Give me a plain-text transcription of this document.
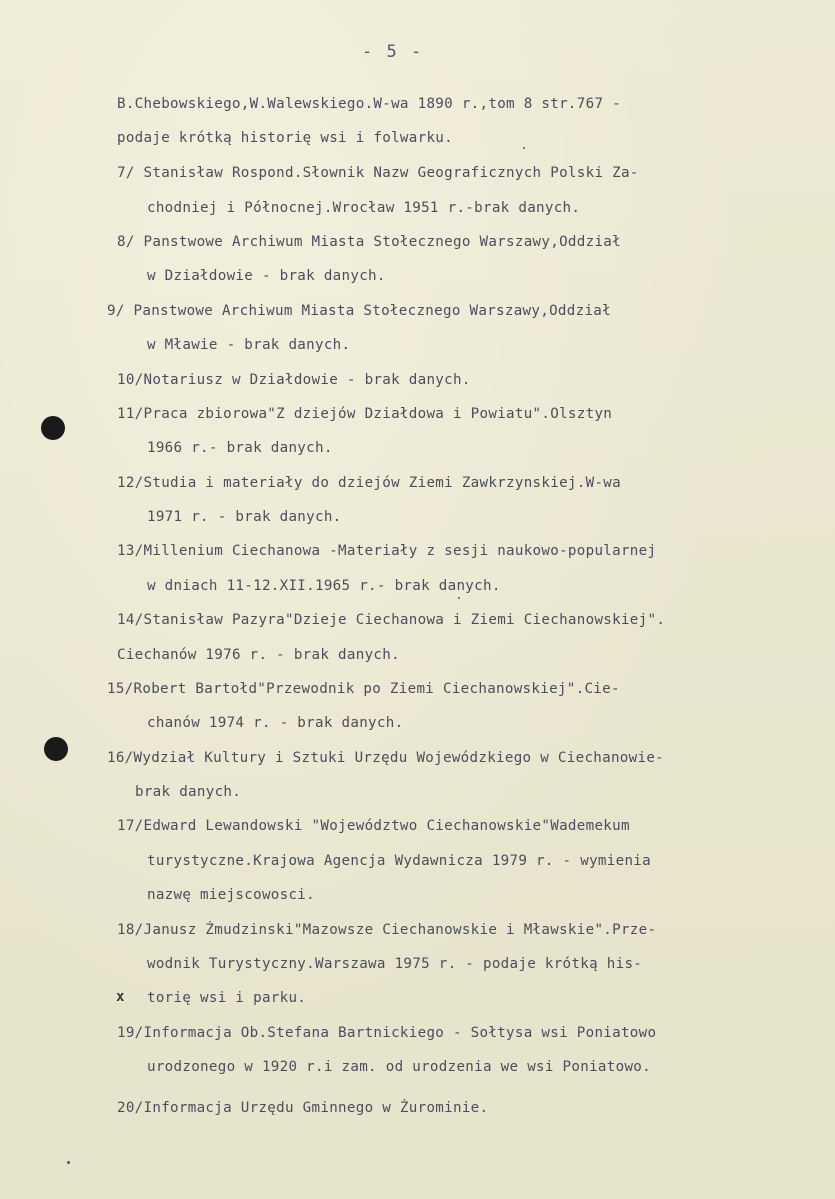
- 5 -
B.Chebowskiego,W.Walewskiego.W-wa 1890 r.,tom 8 str.767 -
podaje krótką historię wsi i folwarku.
7/ Stanisław Rospond.Słownik Nazw Geograficznych Polski Za-
chodniej i Północnej.Wrocław 1951 r.-brak danych.
8/ Panstwowe Archiwum Miasta Stołecznego Warszawy,Oddział
w Działdowie - brak danych.
9/ Panstwowe Archiwum Miasta Stołecznego Warszawy,Oddział
w Mławie - brak danych.
10/Notariusz w Działdowie - brak danych.
11/Praca zbiorowa"Z dziejów Działdowa i Powiatu".Olsztyn
1966 r.- brak danych.
12/Studia i materiały do dziejów Ziemi Zawkrzynskiej.W-wa
1971 r. - brak danych.
13/Millenium Ciechanowa -Materiały z sesji naukowo-popularnej
w dniach 11-12.XII.1965 r.- brak danych.
14/Stanisław Pazyra"Dzieje Ciechanowa i Ziemi Ciechanowskiej".
Ciechanów 1976 r. - brak danych.
15/Robert Bartołd"Przewodnik po Ziemi Ciechanowskiej".Cie-
chanów 1974 r. - brak danych.
16/Wydział Kultury i Sztuki Urzędu Wojewódzkiego w Ciechanowie-
brak danych.
17/Edward Lewandowski "Województwo Ciechanowskie"Wademekum
turystyczne.Krajowa Agencja Wydawnicza 1979 r. - wymienia
nazwę miejscowosci.
18/Janusz Żmudzinski"Mazowsze Ciechanowskie i Mławskie".Prze-
wodnik Turystyczny.Warszawa 1975 r. - podaje krótką his-
torię wsi i parku.
19/Informacja Ob.Stefana Bartnickiego - Sołtysa wsi Poniatowo
urodzonego w 1920 r.i zam. od urodzenia we wsi Poniatowo.
20/Informacja Urzędu Gminnego w Żurominie.
x
